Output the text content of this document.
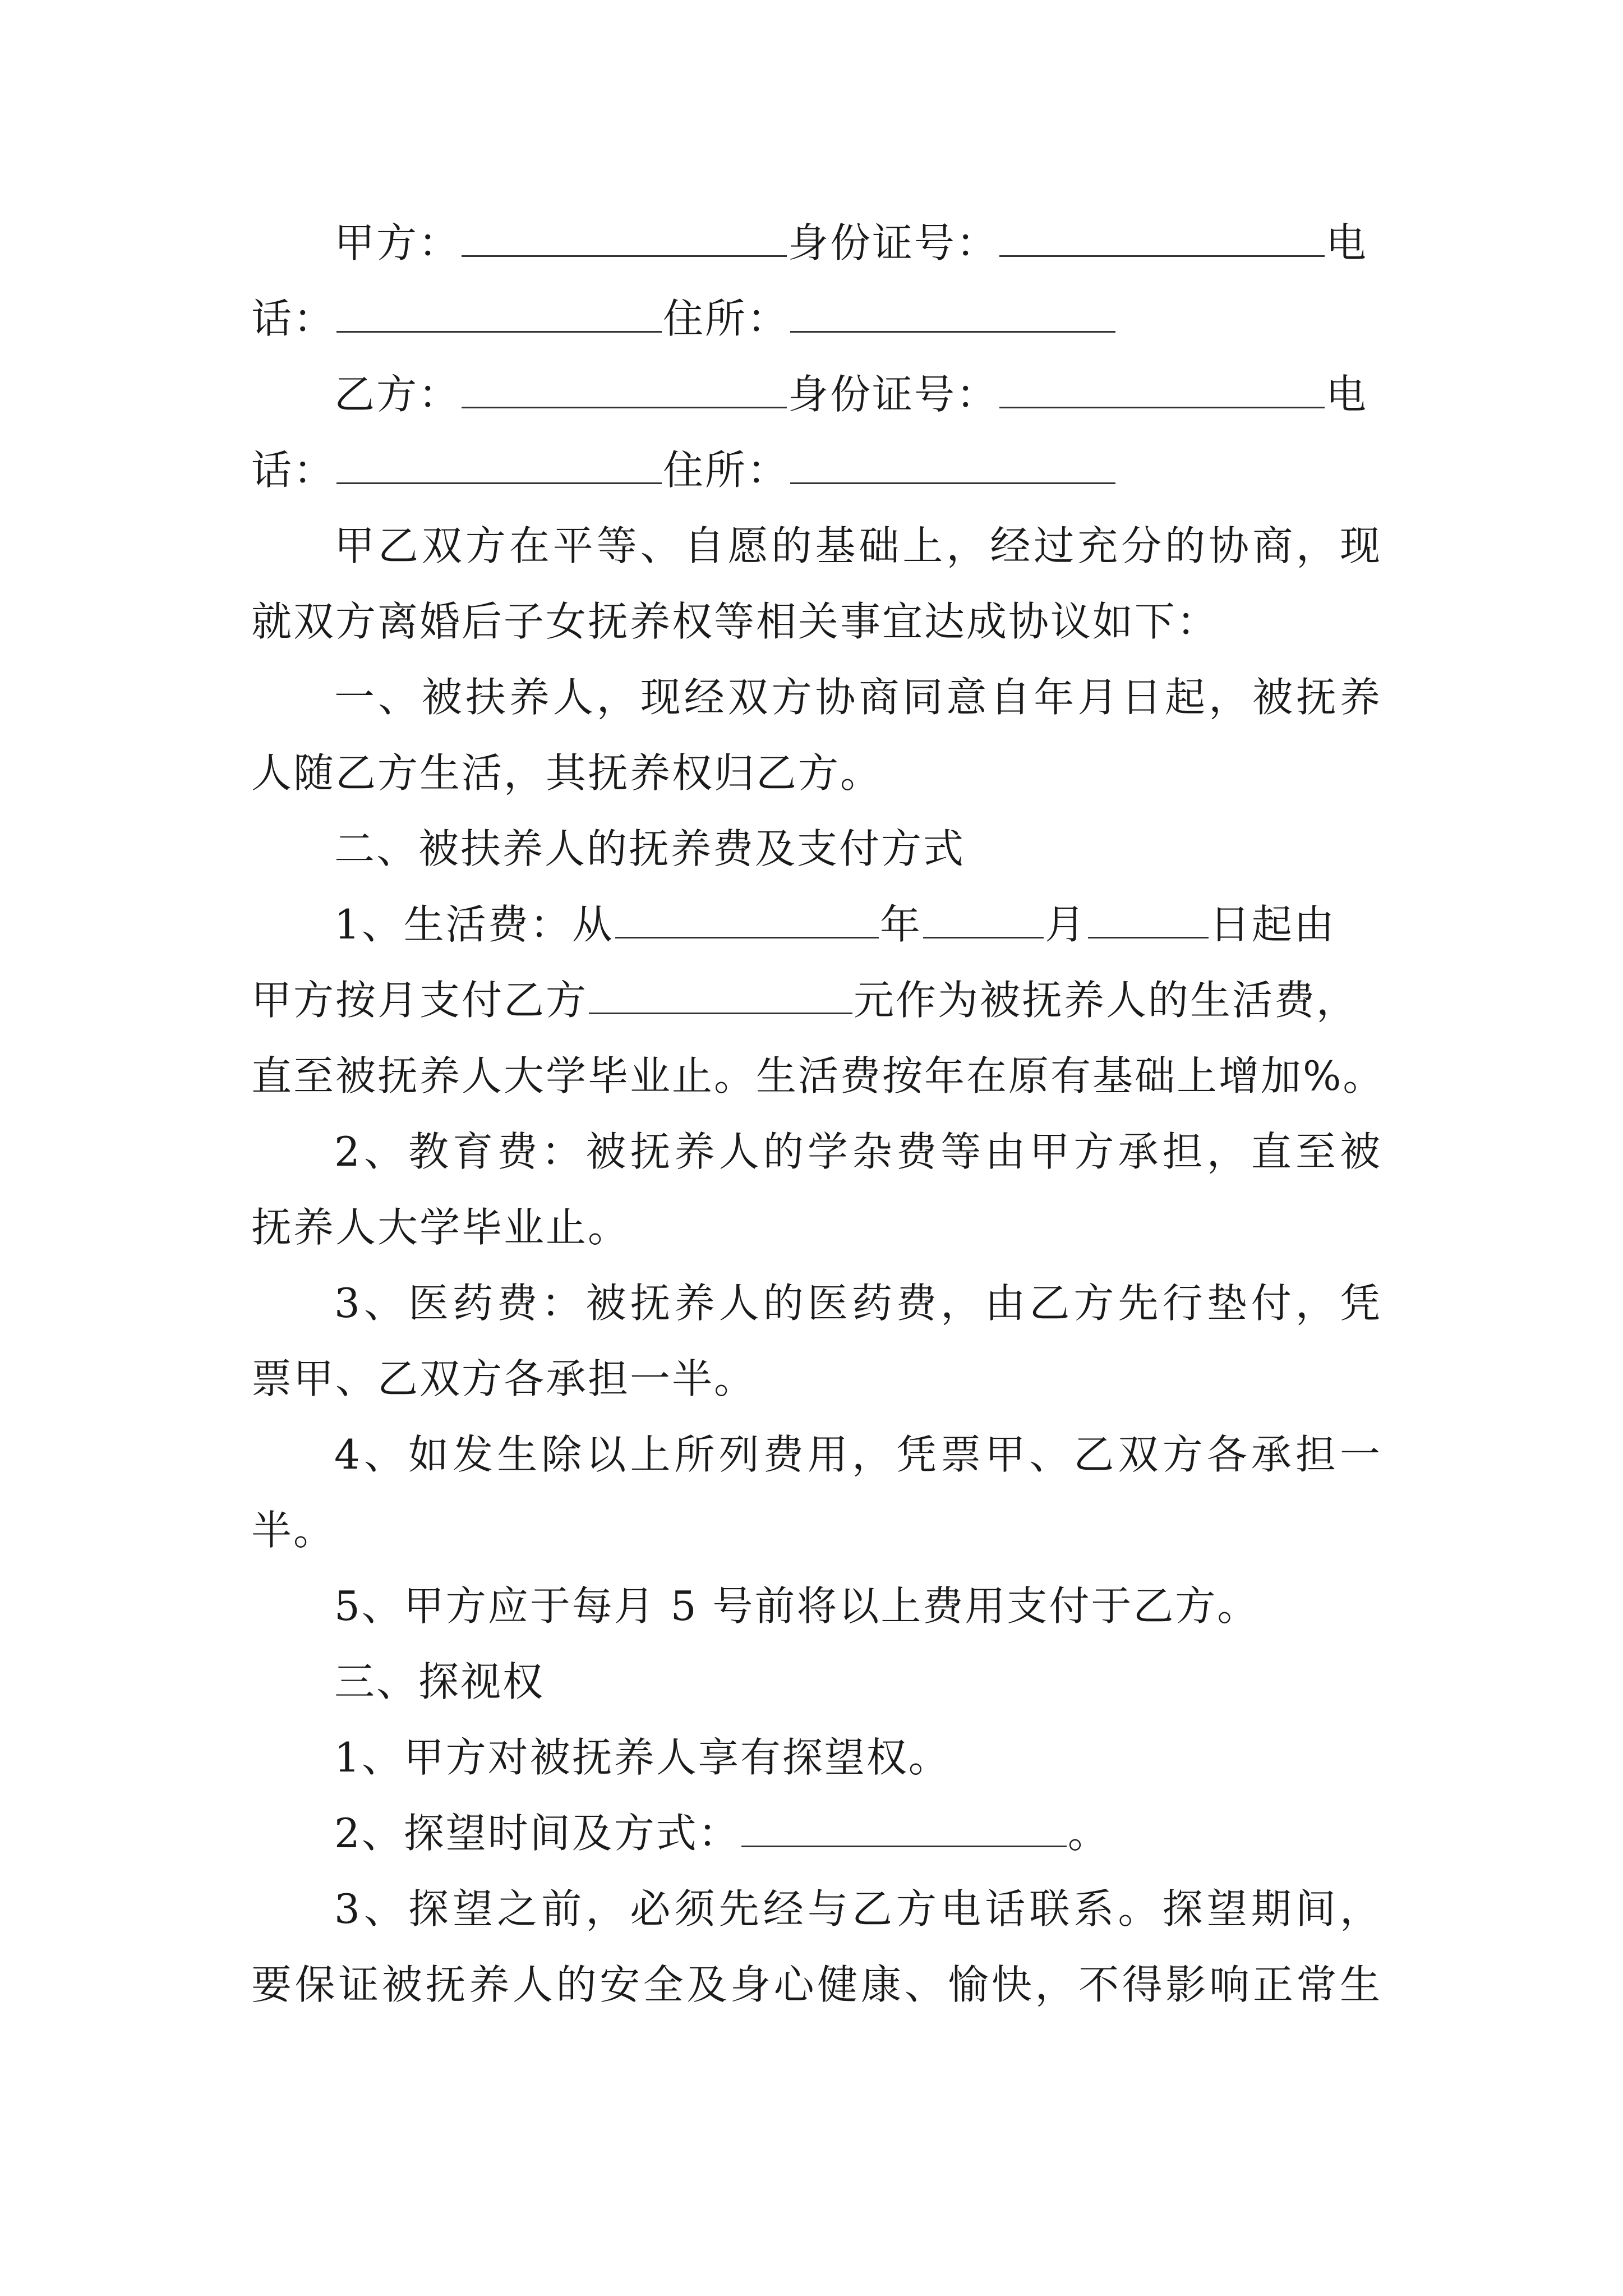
甲方：	身份证号：	电
话：	住所：
乙方：	身份证号：	电
话：	住所：
甲乙双方在平等、自愿的基础上，经过充分的协商，现
就双方离婚后子女抚养权等相关事宜达成协议如下：
一、被扶养人，现经双方协商同意自年月日起，被抚养
人随乙方生活，其抚养权归乙方。
二、被扶养人的抚养费及支付方式
1、生活费：从	年	月	日起由
甲方按月支付乙方	元作为被抚养人的生活费，
直至被抚养人大学毕业止。生活费按年在原有基础上增加%。
2、教育费：被抚养人的学杂费等由甲方承担，直至被
抚养人大学毕业止。
3、医药费：被抚养人的医药费，由乙方先行垫付，凭
票甲、乙双方各承担一半。
4、如发生除以上所列费用，凭票甲、乙双方各承担一
半。
5、甲方应于每月 5 号前将以上费用支付于乙方。
三、探视权
1、甲方对被抚养人享有探望权。
2、探望时间及方式：	。
3、探望之前，必须先经与乙方电话联系。探望期间，
要保证被抚养人的安全及身心健康、愉快，不得影响正常生
